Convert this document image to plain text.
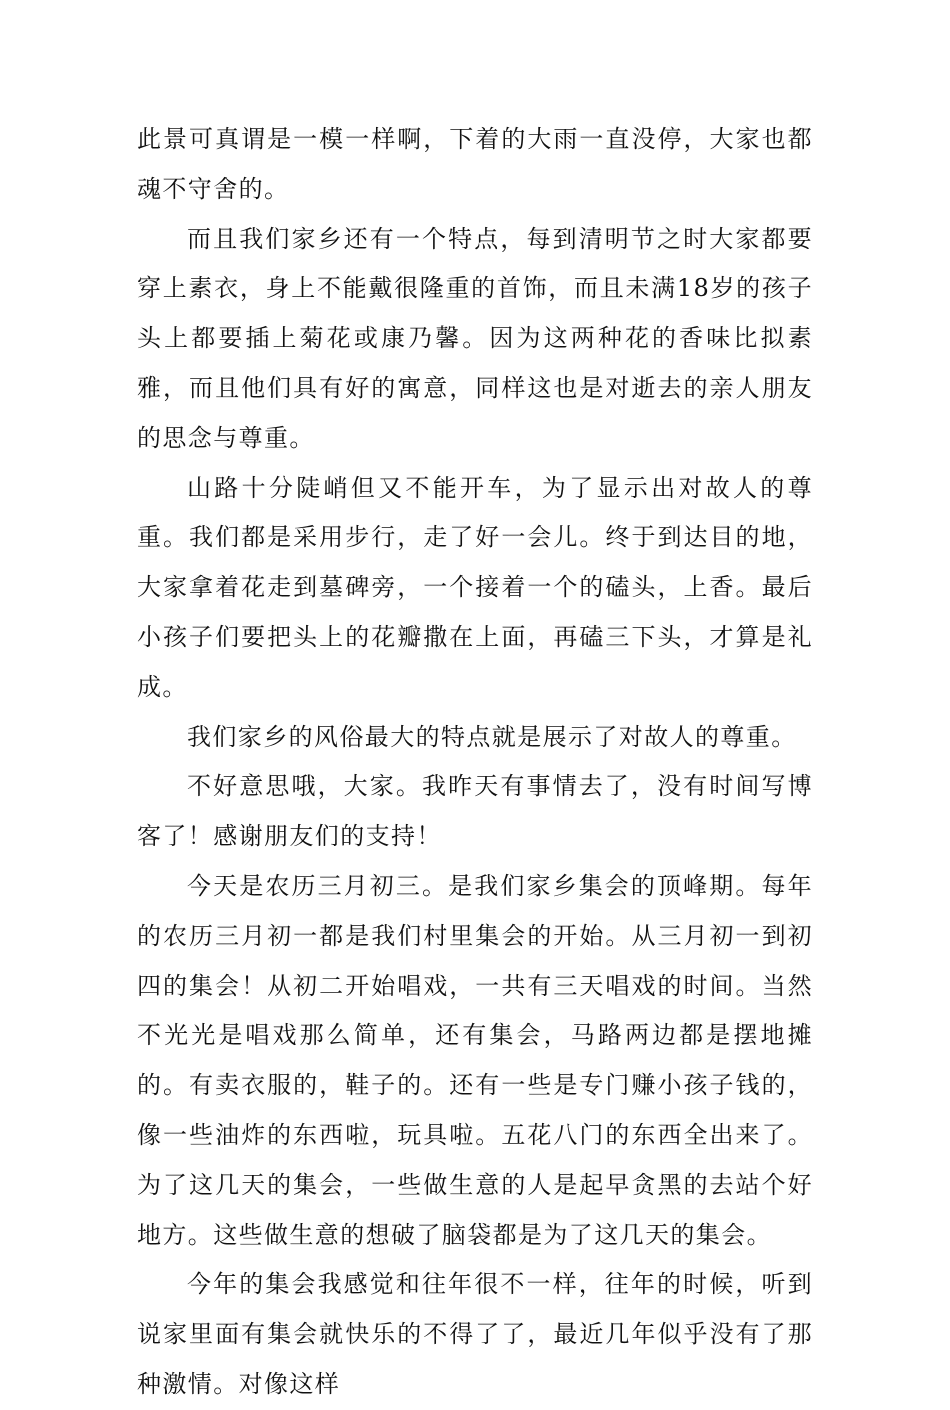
此景可真谓是一模一样啊，下着的大雨一直没停，大家也都魂不守舍的。

而且我们家乡还有一个特点，每到清明节之时大家都要穿上素衣，身上不能戴很隆重的首饰，而且未满18岁的孩子头上都要插上菊花或康乃馨。因为这两种花的香味比拟素雅，而且他们具有好的寓意，同样这也是对逝去的亲人朋友的思念与尊重。

山路十分陡峭但又不能开车，为了显示出对故人的尊重。我们都是采用步行，走了好一会儿。终于到达目的地，大家拿着花走到墓碑旁，一个接着一个的磕头，上香。最后小孩子们要把头上的花瓣撒在上面，再磕三下头，才算是礼成。

我们家乡的风俗最大的特点就是展示了对故人的尊重。

不好意思哦，大家。我昨天有事情去了，没有时间写博客了！感谢朋友们的支持！

今天是农历三月初三。是我们家乡集会的顶峰期。每年的农历三月初一都是我们村里集会的开始。从三月初一到初四的集会！从初二开始唱戏，一共有三天唱戏的时间。当然不光光是唱戏那么简单，还有集会，马路两边都是摆地摊的。有卖衣服的，鞋子的。还有一些是专门赚小孩子钱的，像一些油炸的东西啦，玩具啦。五花八门的东西全出来了。为了这几天的集会，一些做生意的人是起早贪黑的去站个好地方。这些做生意的想破了脑袋都是为了这几天的集会。

今年的集会我感觉和往年很不一样，往年的时候，听到说家里面有集会就快乐的不得了了，最近几年似乎没有了那种激情。对像这样
